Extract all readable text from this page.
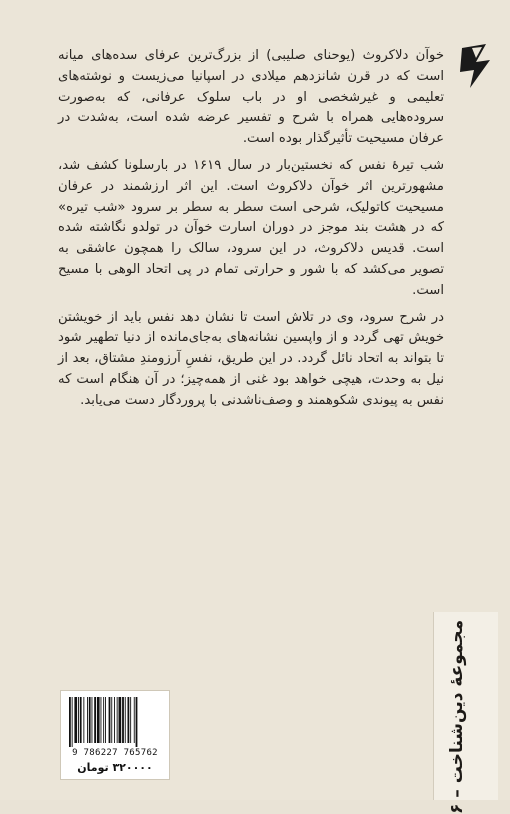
خوآن دلاکروث (یوحنای صلیبی) از بزرگ‌ترین عرفای سده‌های میانه است که در قرن شانزدهم میلادی در اسپانیا می‌زیست و نوشته‌های تعلیمی و غیرشخصی او در باب سلوک عرفانی، که به‌صورت سروده‌هایی همراه با شرح و تفسیر عرضه شده است، به‌شدت در عرفان مسیحیت تأثیرگذار بوده است.

شب تیرهٔ نفس که نخستین‌بار در سال ۱۶۱۹ در بارسلونا کشف شد، مشهورترین اثر خوآن دلاکروث است. این اثر ارزشمند در عرفان مسیحیت کاتولیک، شرحی است سطر به سطر بر سرود «شب تیره» که در هشت بند موجز در دوران اسارت خوآن در تولدو نگاشته شده است. قدیس دلاکروث، در این سرود، سالک را همچون عاشقی به تصویر می‌کشد که با شور و حرارتی تمام در پی اتحاد الوهی با مسیح است.

در شرح سرود، وی در تلاش است تا نشان دهد نفس باید از خویشتن خویش تهی گردد و از واپسین نشانه‌های به‌جای‌مانده از دنیا تطهیر شود تا بتواند به اتحاد نائل گردد. در این طریق، نفسِ آرزومندِ مشتاق، بعد از نیل به وحدت، هیچی خواهد بود غنی از همه‌چیز؛ در آن هنگام است که نفس به پیوندی شکوهمند و وصف‌ناشدنی با پروردگار دست می‌یابد.

مجموعهٔ دین‌شناخت – ۶
9 786227 765762
۳۲۰۰۰۰ تومان
